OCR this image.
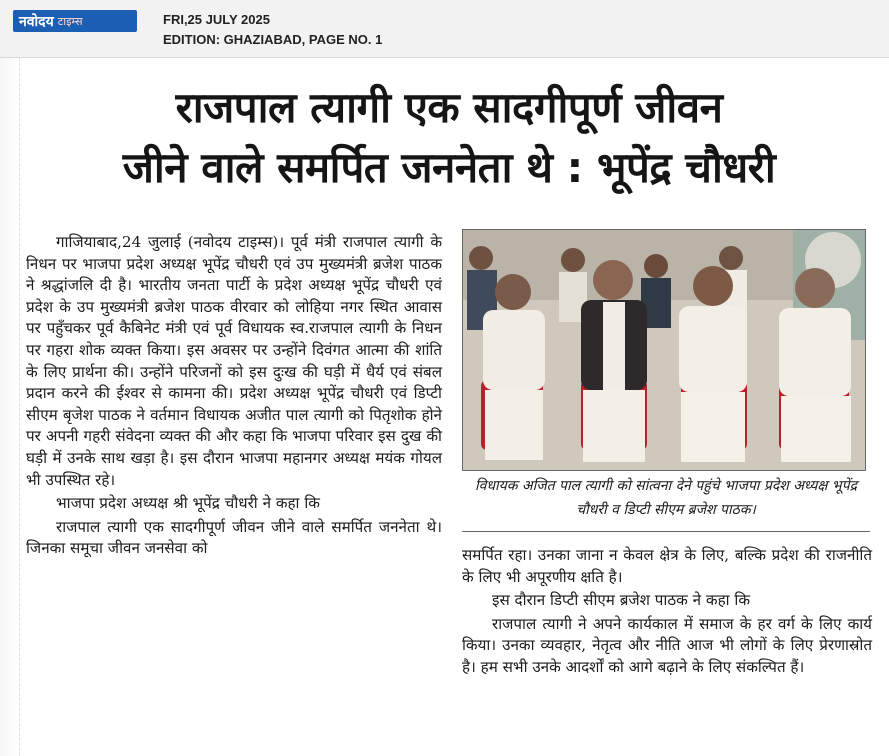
नवोदय टाइम्स	FRI,25 JULY 2025
EDITION: GHAZIABAD, PAGE NO. 1
राजपाल त्यागी एक सादगीपूर्ण जीवन
जीने वाले समर्पित जननेता थे : भूपेंद्र चौधरी

गाजियाबाद,24 जुलाई (नवोदय टाइम्स)। पूर्व मंत्री राजपाल त्यागी के निधन पर भाजपा प्रदेश अध्यक्ष भूपेंद्र चौधरी एवं उप मुख्यमंत्री ब्रजेश पाठक ने श्रद्धांजलि दी है। भारतीय जनता पार्टी के प्रदेश अध्यक्ष भूपेंद्र चौधरी एवं प्रदेश के उप मुख्यमंत्री ब्रजेश पाठक वीरवार को लोहिया नगर स्थित आवास पर पहुँचकर पूर्व कैबिनेट मंत्री एवं पूर्व विधायक स्व.राजपाल त्यागी के निधन पर गहरा शोक व्यक्त किया। इस अवसर पर उन्होंने दिवंगत आत्मा की शांति के लिए प्रार्थना की। उन्होंने परिजनों को इस दुःख की घड़ी में धैर्य एवं संबल प्रदान करने की ईश्वर से कामना की। प्रदेश अध्यक्ष भूपेंद्र चौधरी एवं डिप्टी सीएम बृजेश पाठक ने वर्तमान विधायक अजीत पाल त्यागी को पितृशोक होने पर अपनी गहरी संवेदना व्यक्त की और कहा कि भाजपा परिवार इस दुख की घड़ी में उनके साथ खड़ा है। इस दौरान भाजपा महानगर अध्यक्ष मयंक गोयल भी उपस्थित रहे।

भाजपा प्रदेश अध्यक्ष श्री भूपेंद्र चौधरी ने कहा कि

राजपाल त्यागी एक सादगीपूर्ण जीवन जीने वाले समर्पित जननेता थे। जिनका समूचा जीवन जनसेवा को

विधायक अजित पाल त्यागी को सांत्वना देने पहुंचे भाजपा प्रदेश अध्यक्ष भूपेंद्र चौधरी व डिप्टी सीएम ब्रजेश पाठक।

समर्पित रहा। उनका जाना न केवल क्षेत्र के लिए, बल्कि प्रदेश की राजनीति के लिए भी अपूरणीय क्षति है।

इस दौरान डिप्टी सीएम ब्रजेश पाठक ने कहा कि

राजपाल त्यागी ने अपने कार्यकाल में समाज के हर वर्ग के लिए कार्य किया। उनका व्यवहार, नेतृत्व और नीति आज भी लोगों के लिए प्रेरणास्रोत है। हम सभी उनके आदर्शों को आगे बढ़ाने के लिए संकल्पित हैं।
